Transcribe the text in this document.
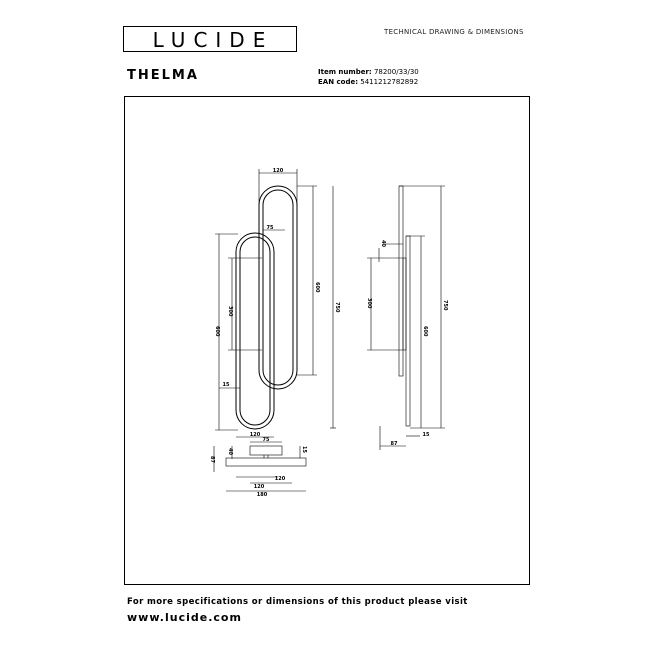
LUCIDE	TECHNICAL DRAWING & DIMENSIONS
THELMA	Item number: 78200/33/30
EAN code: 5411212782892
120
75
300
600
750
600
15
120
40
300
600
750
87
15
75
87
40	15
120
120
180
For more specifications or dimensions of this product please visit
www.lucide.com
